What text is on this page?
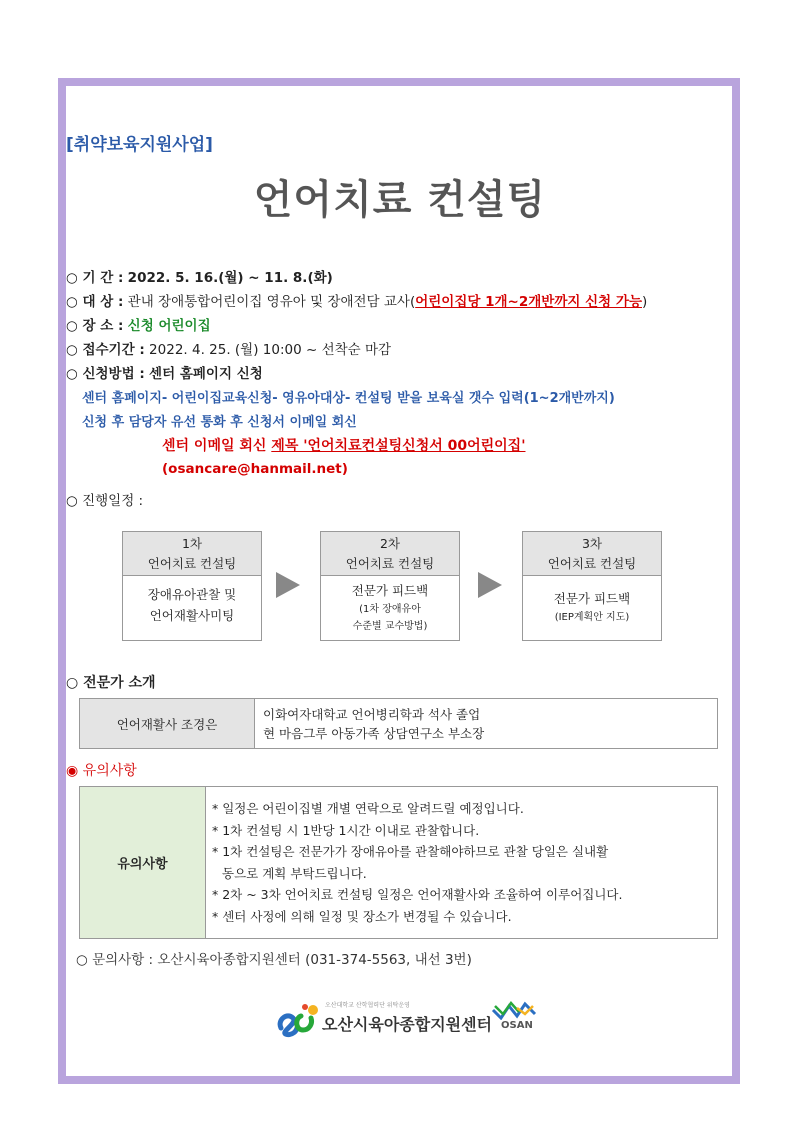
[취약보육지원사업]
언어치료 컨설팅
○ 기 간 : 2022. 5. 16.(월) ~ 11. 8.(화)
○ 대 상 : 관내 장애통합어린이집 영유아 및 장애전담 교사(어린이집당 1개~2개반까지 신청 가능)
○ 장 소 : 신청 어린이집
○ 접수기간 : 2022. 4. 25. (월) 10:00 ~ 선착순 마감
○ 신청방법 : 센터 홈페이지 신청
센터 홈페이지- 어린이집교육신청- 영유아대상- 컨설팅 받을 보육실 갯수 입력(1~2개반까지)
신청 후 담당자 유선 통화 후 신청서 이메일 회신
센터 이메일 회신 제목 '언어치료컨설팅신청서 00어린이집'
(osancare@hanmail.net)
○ 진행일정 :
1차
언어치료 컨설팅
장애유아관찰 및
언어재활사미팅
2차
언어치료 컨설팅
전문가 피드백
(1차 장애유아
수준별 교수방법)
3차
언어치료 컨설팅
전문가 피드백
(IEP계획안 지도)
○ 전문가 소개
언어재활사 조경은	
이화여자대학교 언어병리학과 석사 졸업
현 마음그루 아동가족 상담연구소 부소장
◉ 유의사항
유의사항	
* 일정은 어린이집별 개별 연락으로 알려드릴 예정입니다.
* 1차 컨설팅 시 1반당 1시간 이내로 관찰합니다.
* 1차 컨설팅은 전문가가 장애유아를 관찰해야하므로 관찰 당일은 실내활
동으로 계획 부탁드립니다.
* 2차 ~ 3차 언어치료 컨설팅 일정은 언어재활사와 조율하여 이루어집니다.
* 센터 사정에 의해 일정 및 장소가 변경될 수 있습니다.
○ 문의사항 : 오산시육아종합지원센터 (031-374-5563, 내선 3번)
오산대학교 산학협력단 위탁운영
오산시육아종합지원센터 OSAN
